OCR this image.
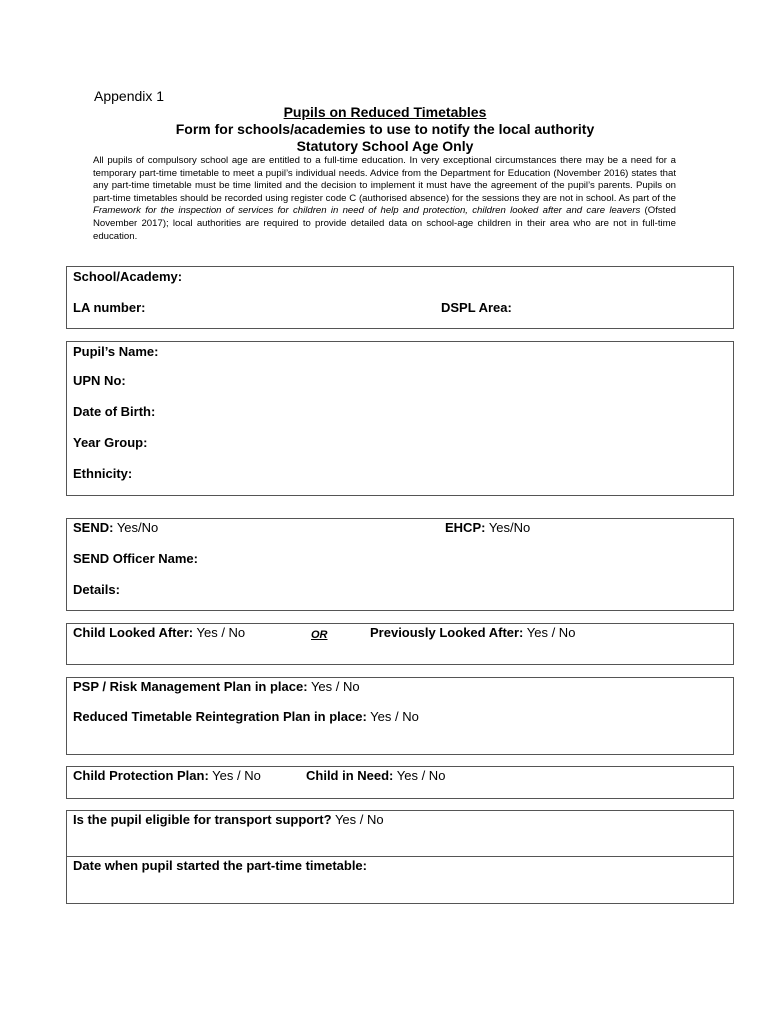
Appendix 1
Pupils on Reduced Timetables
Form for schools/academies to use to notify the local authority
Statutory School Age Only

All pupils of compulsory school age are entitled to a full-time education. In very exceptional circumstances there may be a need for a temporary part-time timetable to meet a pupil’s individual needs. Advice from the Department for Education (November 2016) states that any part-time timetable must be time limited and the decision to implement it must have the agreement of the pupil’s parents. Pupils on part-time timetables should be recorded using register code C (authorised absence) for the sessions they are not in school. As part of the Framework for the inspection of services for children in need of help and protection, children looked after and care leavers (Ofsted November 2017); local authorities are required to provide detailed data on school-age children in their area who are not in full-time education.

School/Academy:
LA number:	DSPL Area:
Pupil’s Name:
UPN No:
Date of Birth:
Year Group:
Ethnicity:
SEND: Yes/No	EHCP: Yes/No
SEND Officer Name:
Details:
Child Looked After: Yes / No	OR	Previously Looked After: Yes / No
PSP / Risk Management Plan in place: Yes / No
Reduced Timetable Reintegration Plan in place: Yes / No
Child Protection Plan: Yes / No	Child in Need: Yes / No
Is the pupil eligible for transport support? Yes / No
Date when pupil started the part-time timetable:
